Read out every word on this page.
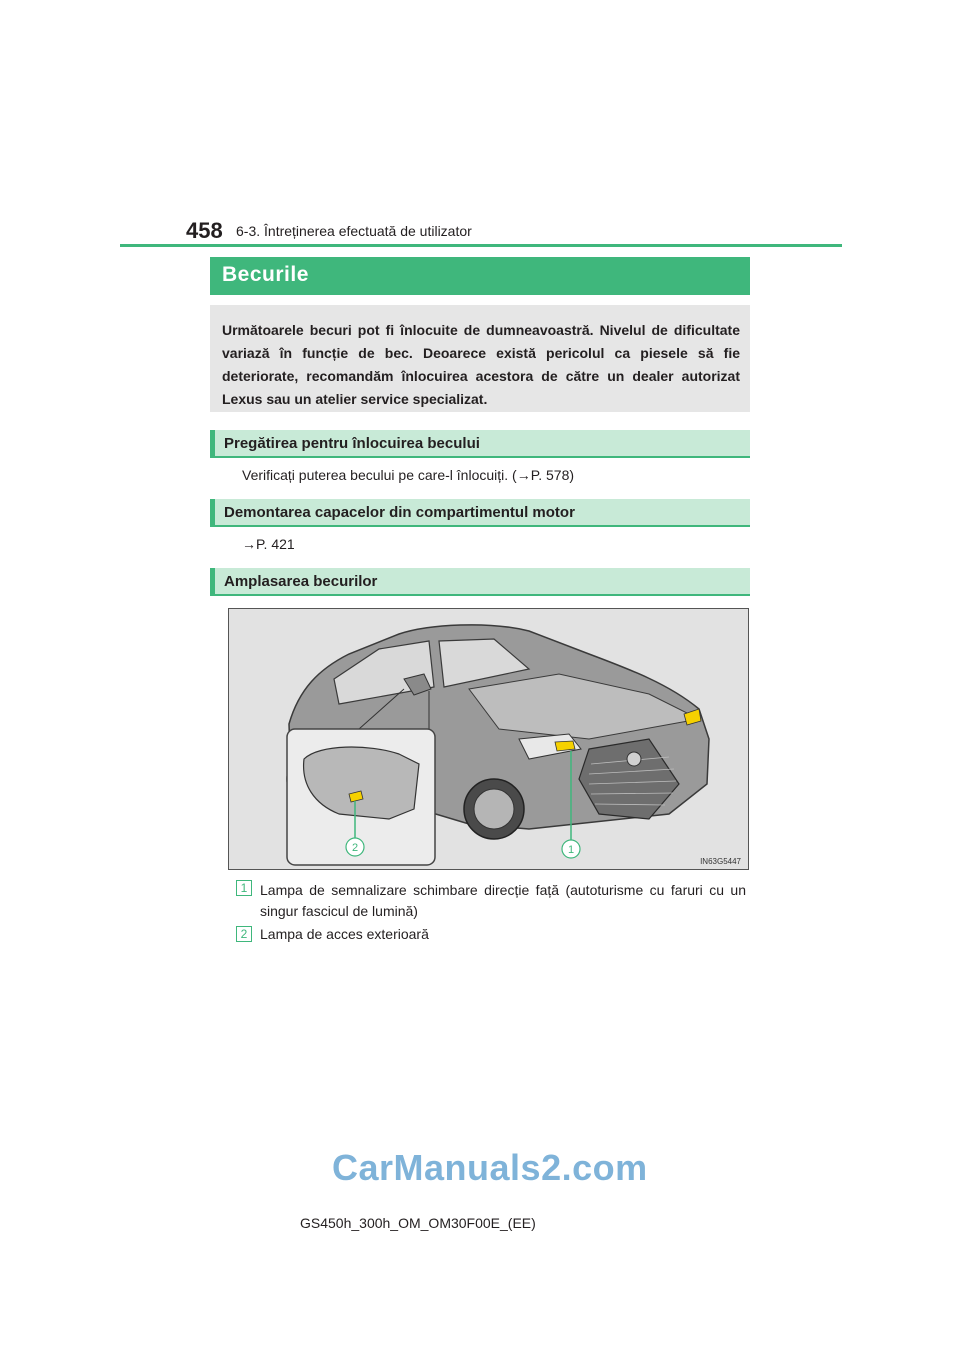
458 6-3. Întreținerea efectuată de utilizator
Becurile
Următoarele becuri pot fi înlocuite de dumneavoastră. Nivelul de dificultate variază în funcție de bec. Deoarece există pericolul ca piesele să fie deteriorate, recomandăm înlocuirea acestora de către un dealer autorizat Lexus sau un atelier service specializat.
Pregătirea pentru înlocuirea becului
Verificați puterea becului pe care-l înlocuiți. (→P. 578)
Demontarea capacelor din compartimentul motor
→P. 421
Amplasarea becurilor
2	1
IN63G5447
1 Lampa de semnalizare schimbare direcție față (autoturisme cu faruri cu un singur fascicul de lumină)
2 Lampa de acces exterioară
CarManuals2.com
GS450h_300h_OM_OM30F00E_(EE)
